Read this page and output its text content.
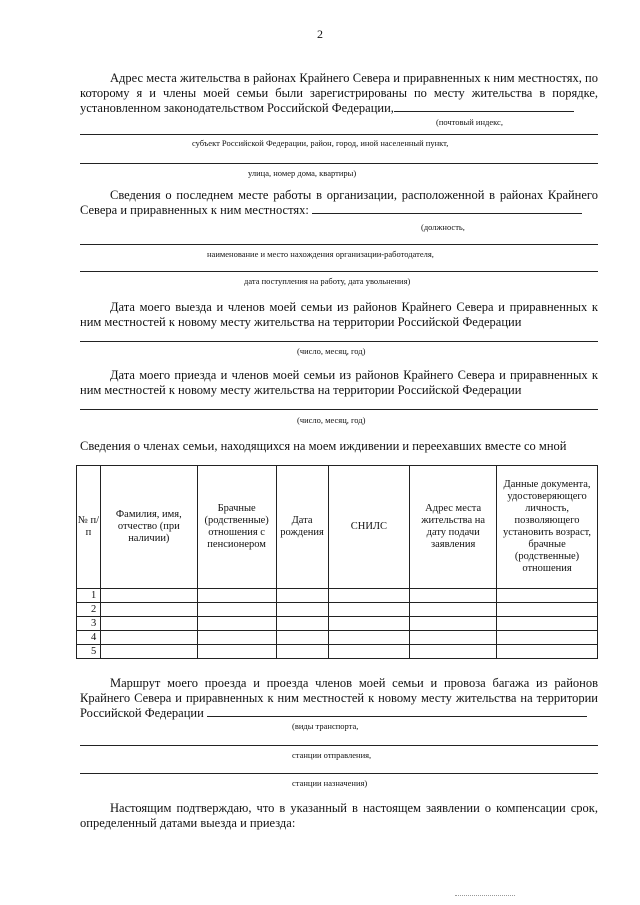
2
Адрес места жительства в районах Крайнего Севера и приравненных к ним местностях, по которому я и члены моей семьи были зарегистрированы по месту жительства в порядке, установленном законодательством Российской Федерации,
(почтовый индекс,
субъект Российской Федерации, район, город, иной населенный пункт,
улица, номер дома, квартиры)
Сведения о последнем месте работы в организации, расположенной в районах Крайнего Севера и приравненных к ним местностях:
(должность,
наименование и место нахождения организации-работодателя,
дата поступления на работу, дата увольнения)
Дата моего выезда и членов моей семьи из районов Крайнего Севера и приравненных к ним местностей к новому месту жительства на территории Российской Федерации
(число, месяц, год)
Дата моего приезда и членов моей семьи из районов Крайнего Севера и приравненных к ним местностей к новому месту жительства на территории Российской Федерации
(число, месяц, год)
Сведения о членах семьи, находящихся на моем иждивении и переехавших вместе со мной
№ п/п	Фамилия, имя, отчество (при наличии)	Брачные (родственные) отношения с пенсионером	Дата рождения	СНИЛС	Адрес места жительства на дату подачи заявления	Данные документа, удостоверяющего личность, позволяющего установить возраст, брачные (родственные) отношения
1						
2						
3						
4						
5						
Маршрут моего проезда и проезда членов моей семьи и провоза багажа из районов Крайнего Севера и приравненных к ним местностей к новому месту жительства на территории Российской Федерации
(виды транспорта,
станции отправления,
станции назначения)
Настоящим подтверждаю, что в указанный в настоящем заявлении о компенсации срок, определенный датами выезда и приезда:
